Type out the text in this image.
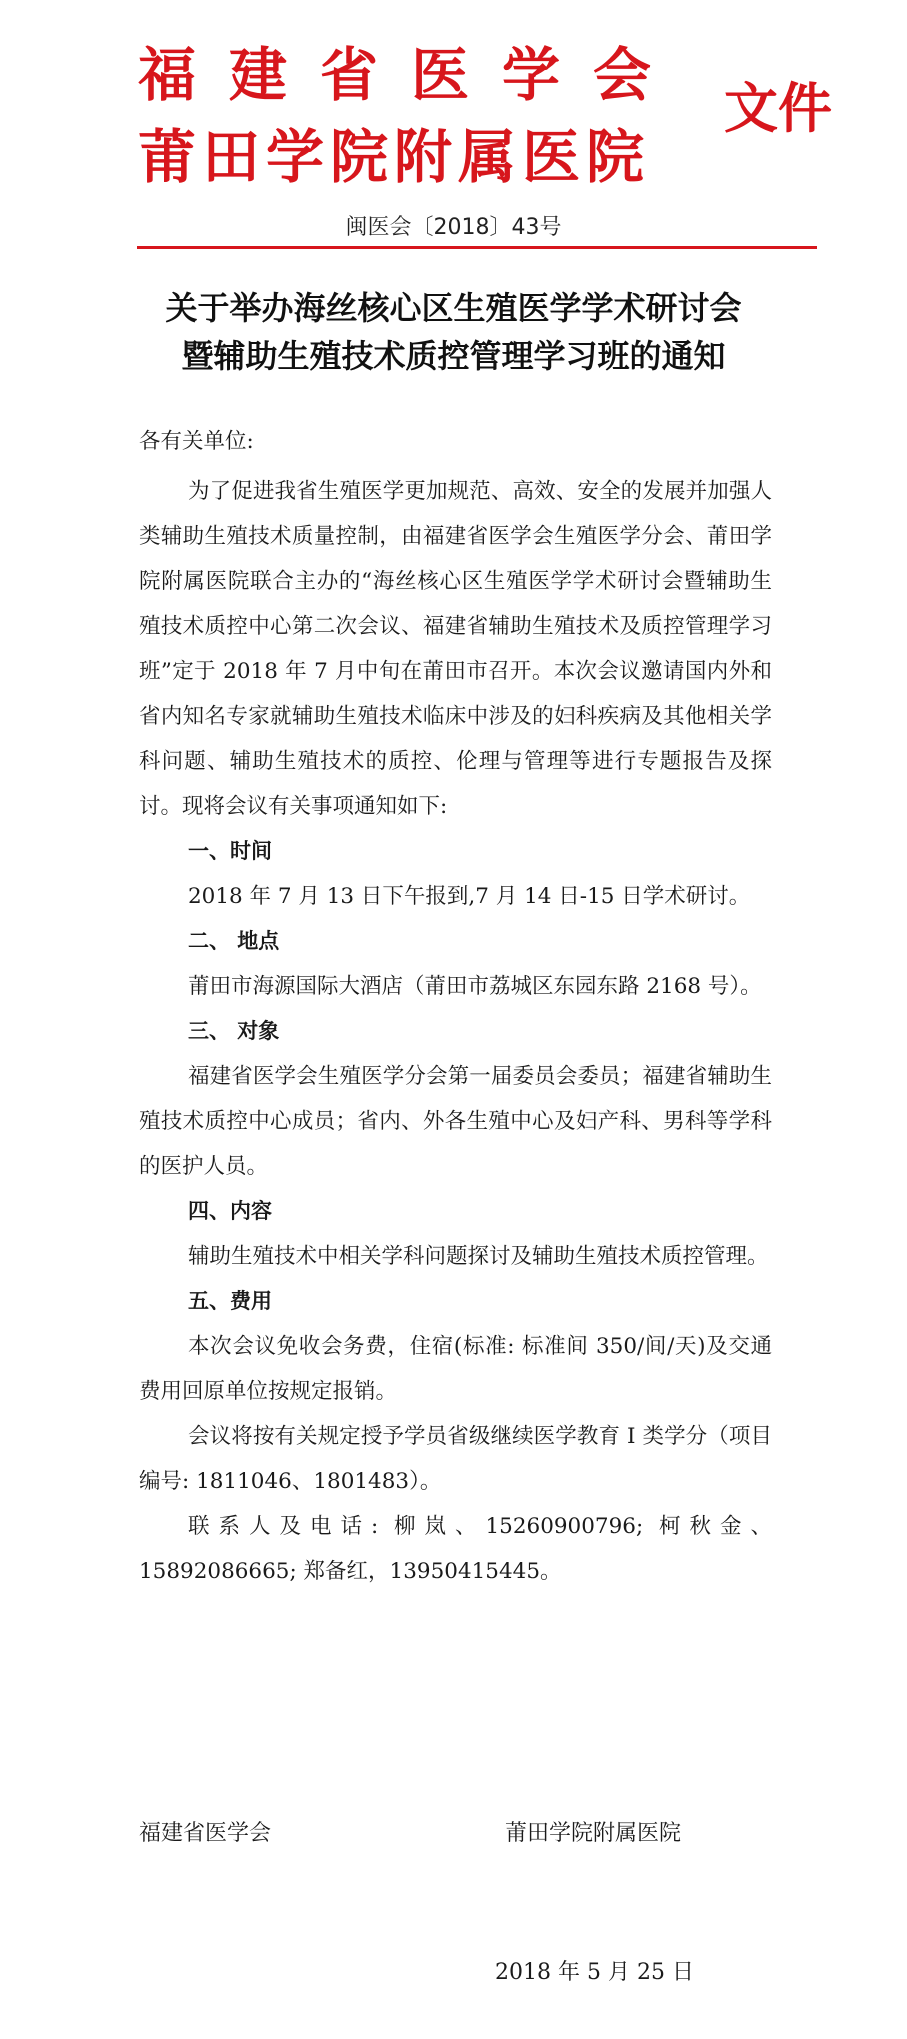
福建省医学会
莆田学院附属医院
文件
闽医会〔2018〕43号
关于举办海丝核心区生殖医学学术研讨会
暨辅助生殖技术质控管理学习班的通知
各有关单位:

为了促进我省生殖医学更加规范、高效、安全的发展并加强人类辅助生殖技术质量控制，由福建省医学会生殖医学分会、莆田学院附属医院联合主办的“海丝核心区生殖医学学术研讨会暨辅助生殖技术质控中心第二次会议、福建省辅助生殖技术及质控管理学习班”定于 2018 年 7 月中旬在莆田市召开。本次会议邀请国内外和省内知名专家就辅助生殖技术临床中涉及的妇科疾病及其他相关学科问题、辅助生殖技术的质控、伦理与管理等进行专题报告及探讨。现将会议有关事项通知如下:

一、时间

2018 年 7 月 13 日下午报到,7 月 14 日-15 日学术研讨。

二、 地点

莆田市海源国际大酒店（莆田市荔城区东园东路 2168 号）。

三、 对象

福建省医学会生殖医学分会第一届委员会委员；福建省辅助生殖技术质控中心成员；省内、外各生殖中心及妇产科、男科等学科的医护人员。

四、内容

辅助生殖技术中相关学科问题探讨及辅助生殖技术质控管理。

五、费用

本次会议免收会务费，住宿(标准: 标准间 350/间/天)及交通费用回原单位按规定报销。

会议将按有关规定授予学员省级继续医学教育 I 类学分（项目编号: 1811046、1801483）。

联系人及电话: 柳岚、15260900796; 柯秋金、15892086665; 郑备红，13950415445。

福建省医学会	莆田学院附属医院
2018 年 5 月 25 日
